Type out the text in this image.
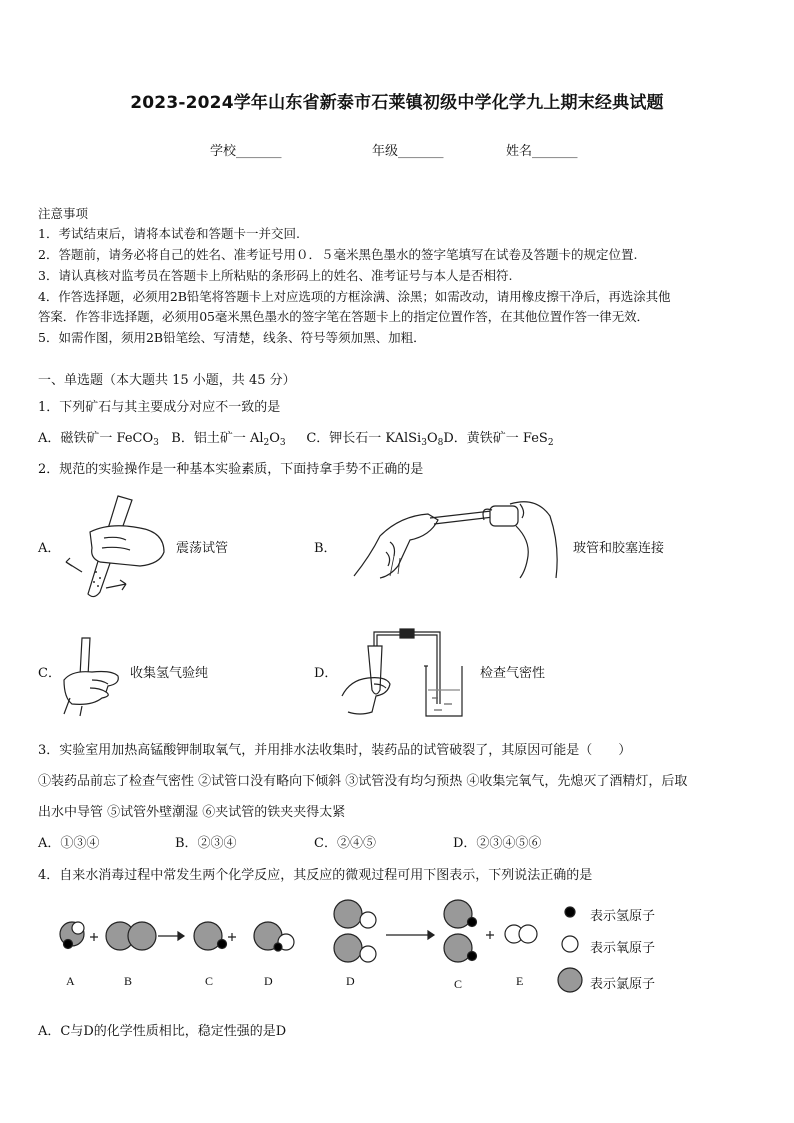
2023-2024学年山东省新泰市石莱镇初级中学化学九上期末经典试题
学校_______	年级_______	姓名_______
注意事项
1．考试结束后，请将本试卷和答题卡一并交回.
2．答题前，请务必将自己的姓名、准考证号用０．５毫米黑色墨水的签字笔填写在试卷及答题卡的规定位置.
3．请认真核对监考员在答题卡上所粘贴的条形码上的姓名、准考证号与本人是否相符.
4．作答选择题，必须用2B铅笔将答题卡上对应选项的方框涂满、涂黑；如需改动，请用橡皮擦干净后，再选涂其他
答案．作答非选择题，必须用05毫米黑色墨水的签字笔在答题卡上的指定位置作答，在其他位置作答一律无效．
5．如需作图，须用2B铅笔绘、写清楚，线条、符号等须加黑、加粗．
一、单选题（本大题共 15 小题，共 45 分）
1．下列矿石与其主要成分对应不一致的是
A．磁铁矿一 FeCO$_3$ B．铝土矿一 $Al_2O_3$ C．钾长石一 $KAlSi_3O_8D$．黄铁矿一 FeS$_2$
2．规范的实验操作是一种基本实验素质，下面持拿手势不正确的是
A．	震荡试管	B．	玻管和胶塞连接
C．	收集氢气验纯	D．	检查气密性
3．实验室用加热高锰酸钾制取氧气，并用排水法收集时，装药品的试管破裂了，其原因可能是（　　）
①装药品前忘了检查气密性 ②试管口没有略向下倾斜 ③试管没有均匀预热 ④收集完氧气，先熄灭了酒精灯，后取
出水中导管 ⑤试管外壁潮湿 ⑥夹试管的铁夹夹得太紧
A．①③④	B．②③④	C．②④⑤	D．②③④⑤⑥
4．自来水消毒过程中常发生两个化学反应，其反应的微观过程可用下图表示，下列说法正确的是
A	B	C	D	D	C	E
表示氢原子
表示氧原子
表示氯原子
A．C与D的化学性质相比，稳定性强的是D
